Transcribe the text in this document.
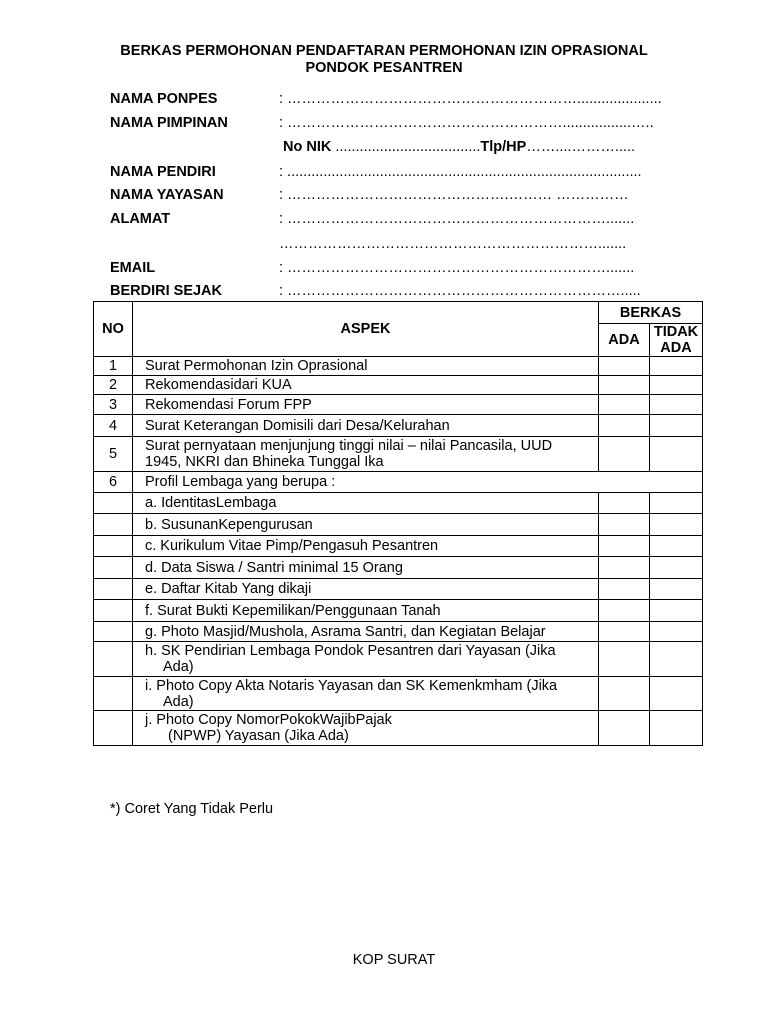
BERKAS PERMOHONAN PENDAFTARAN PERMOHONAN IZIN OPRASIONAL
PONDOK PESANTREN
NAMA PONPES	: …………………………………………………….....................
NAMA PIMPINAN	: ………………………………………………….................…..
No NIK ....................................Tlp/HP……....……….....
NAMA PENDIRI	: ........................................................................................
NAMA YAYASAN	: ……………………………………….……… ……………
ALAMAT	: ………………………………………………………….......
………………………………………………………….......
EMAIL	: ………………………………………………………….......
BERDIRI SEJAK	: …………………………………………………………….....
NO	ASPEK	BERKAS	
		ADA	TIDAK
ADA

1	Surat Permohonan Izin Oprasional		
2	Rekomendasidari KUA		
3	Rekomendasi Forum FPP		
4	Surat Keterangan Domisili dari Desa/Kelurahan		
5	Surat pernyataan menjunjung tinggi nilai – nilai Pancasila, UUD
1945, NKRI dan Bhineka Tunggal Ika		

6	Profil Lembaga yang berupa :		
	a. IdentitasLembaga		
	b. SusunanKepengurusan		
	c. Kurikulum Vitae Pimp/Pengasuh Pesantren		
	d. Data Siswa / Santri minimal 15 Orang		
	e. Daftar Kitab Yang dikaji		
	f. Surat Bukti Kepemilikan/Penggunaan Tanah		
	g. Photo Masjid/Mushola, Asrama Santri, dan Kegiatan Belajar		

	h. SK Pendirian Lembaga Pondok Pesantren dari Yayasan (Jika
Ada)		

	i. Photo Copy Akta Notaris Yayasan dan SK Kemenkmham (Jika
Ada)		

	j. Photo Copy NomorPokokWajibPajak
(NPWP) Yayasan (Jika Ada)		

*) Coret Yang Tidak Perlu
KOP SURAT
